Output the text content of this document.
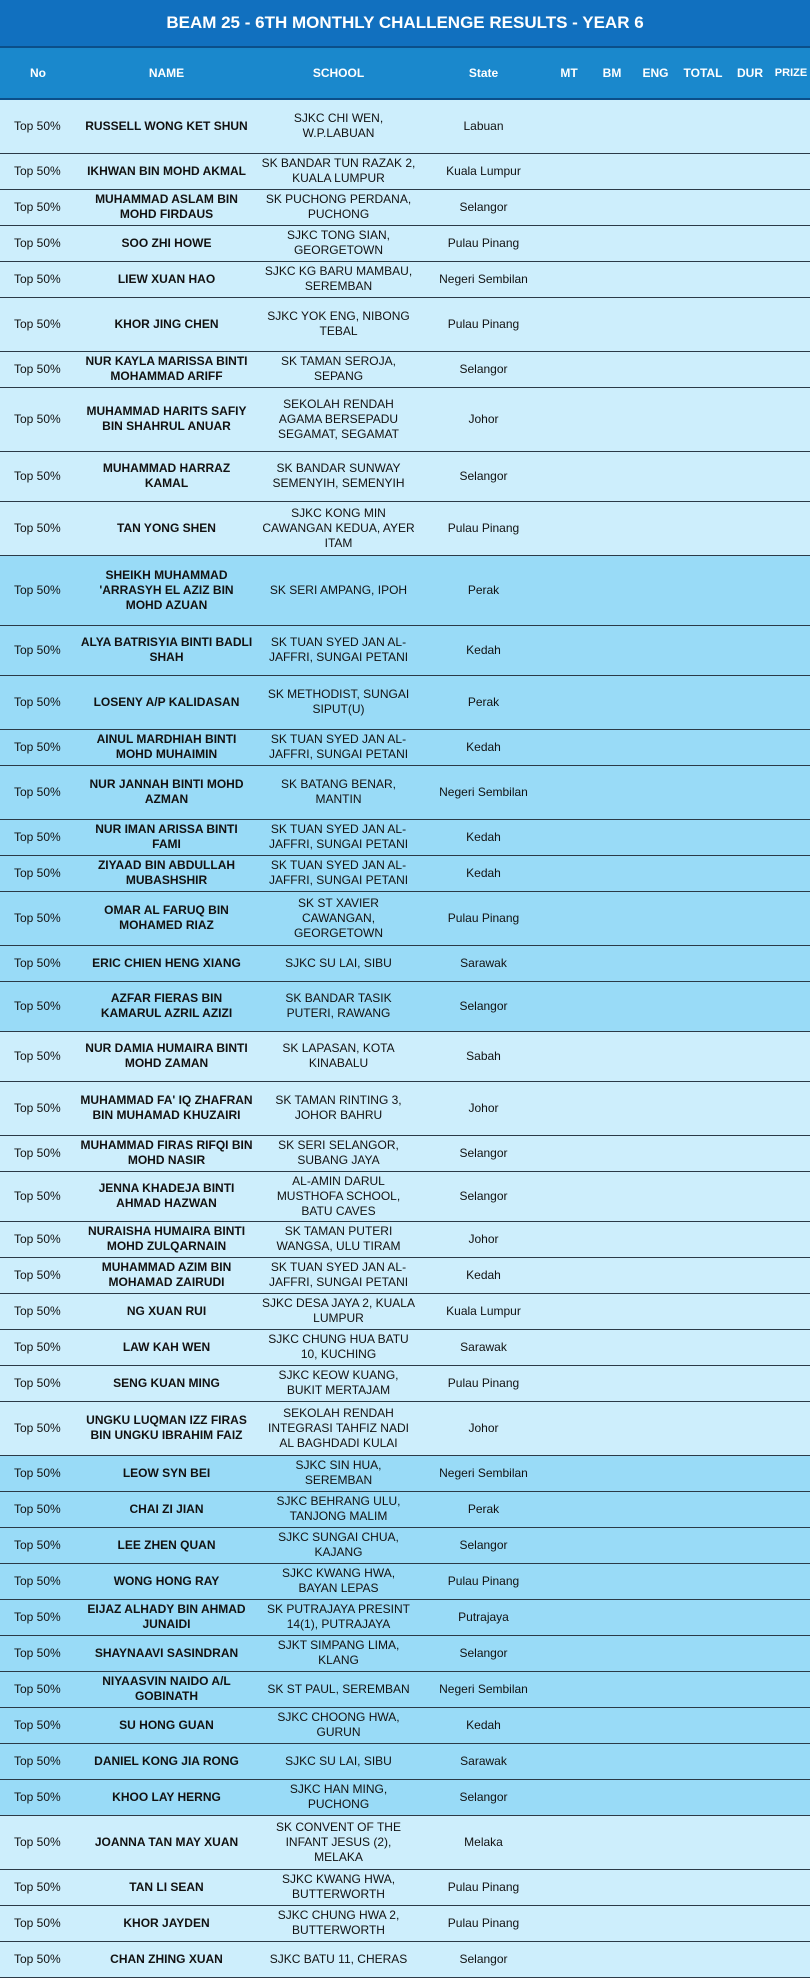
BEAM 25 - 6TH MONTHLY CHALLENGE RESULTS - YEAR 6
No	NAME	SCHOOL	State	MT	BM	ENG	TOTAL	DUR	PRIZE
Top 50%	RUSSELL WONG KET SHUN	SJKC CHI WEN, W.P.LABUAN	Labuan						
Top 50%	IKHWAN BIN MOHD AKMAL	SK BANDAR TUN RAZAK 2, KUALA LUMPUR	Kuala Lumpur						
Top 50%	MUHAMMAD ASLAM BIN MOHD FIRDAUS	SK PUCHONG PERDANA, PUCHONG	Selangor						
Top 50%	SOO ZHI HOWE	SJKC TONG SIAN, GEORGETOWN	Pulau Pinang						
Top 50%	LIEW XUAN HAO	SJKC KG BARU MAMBAU, SEREMBAN	Negeri Sembilan						
Top 50%	KHOR JING CHEN	SJKC YOK ENG, NIBONG TEBAL	Pulau Pinang						
Top 50%	NUR KAYLA MARISSA BINTI MOHAMMAD ARIFF	SK TAMAN SEROJA, SEPANG	Selangor						
Top 50%	MUHAMMAD HARITS SAFIY BIN SHAHRUL ANUAR	SEKOLAH RENDAH AGAMA BERSEPADU SEGAMAT, SEGAMAT	Johor						
Top 50%	MUHAMMAD HARRAZ KAMAL	SK BANDAR SUNWAY SEMENYIH, SEMENYIH	Selangor						
Top 50%	TAN YONG SHEN	SJKC KONG MIN CAWANGAN KEDUA, AYER ITAM	Pulau Pinang						
Top 50%	SHEIKH MUHAMMAD 'ARRASYH EL AZIZ BIN MOHD AZUAN	SK SERI AMPANG, IPOH	Perak						
Top 50%	ALYA BATRISYIA BINTI BADLI SHAH	SK TUAN SYED JAN AL-JAFFRI, SUNGAI PETANI	Kedah						
Top 50%	LOSENY A/P KALIDASAN	SK METHODIST, SUNGAI SIPUT(U)	Perak						
Top 50%	AINUL MARDHIAH BINTI MOHD MUHAIMIN	SK TUAN SYED JAN AL-JAFFRI, SUNGAI PETANI	Kedah						
Top 50%	NUR JANNAH BINTI MOHD AZMAN	SK BATANG BENAR, MANTIN	Negeri Sembilan						
Top 50%	NUR IMAN ARISSA BINTI FAMI	SK TUAN SYED JAN AL-JAFFRI, SUNGAI PETANI	Kedah						
Top 50%	ZIYAAD BIN ABDULLAH MUBASHSHIR	SK TUAN SYED JAN AL-JAFFRI, SUNGAI PETANI	Kedah						
Top 50%	OMAR AL FARUQ BIN MOHAMED RIAZ	SK ST XAVIER CAWANGAN, GEORGETOWN	Pulau Pinang						
Top 50%	ERIC CHIEN HENG XIANG	SJKC SU LAI, SIBU	Sarawak						
Top 50%	AZFAR FIERAS BIN KAMARUL AZRIL AZIZI	SK BANDAR TASIK PUTERI, RAWANG	Selangor						
Top 50%	NUR DAMIA HUMAIRA BINTI MOHD ZAMAN	SK LAPASAN, KOTA KINABALU	Sabah						
Top 50%	MUHAMMAD FA' IQ ZHAFRAN BIN MUHAMAD KHUZAIRI	SK TAMAN RINTING 3, JOHOR BAHRU	Johor						
Top 50%	MUHAMMAD FIRAS RIFQI BIN MOHD NASIR	SK SERI SELANGOR, SUBANG JAYA	Selangor						
Top 50%	JENNA KHADEJA BINTI AHMAD HAZWAN	AL-AMIN DARUL MUSTHOFA SCHOOL, BATU CAVES	Selangor						
Top 50%	NURAISHA HUMAIRA BINTI MOHD ZULQARNAIN	SK TAMAN PUTERI WANGSA, ULU TIRAM	Johor						
Top 50%	MUHAMMAD AZIM BIN MOHAMAD ZAIRUDI	SK TUAN SYED JAN AL-JAFFRI, SUNGAI PETANI	Kedah						
Top 50%	NG XUAN RUI	SJKC DESA JAYA 2, KUALA LUMPUR	Kuala Lumpur						
Top 50%	LAW KAH WEN	SJKC CHUNG HUA BATU 10, KUCHING	Sarawak						
Top 50%	SENG KUAN MING	SJKC KEOW KUANG, BUKIT MERTAJAM	Pulau Pinang						
Top 50%	UNGKU LUQMAN IZZ FIRAS BIN UNGKU IBRAHIM FAIZ	SEKOLAH RENDAH INTEGRASI TAHFIZ NADI AL BAGHDADI KULAI	Johor						
Top 50%	LEOW SYN BEI	SJKC SIN HUA, SEREMBAN	Negeri Sembilan						
Top 50%	CHAI ZI JIAN	SJKC BEHRANG ULU, TANJONG MALIM	Perak						
Top 50%	LEE ZHEN QUAN	SJKC SUNGAI CHUA, KAJANG	Selangor						
Top 50%	WONG HONG RAY	SJKC KWANG HWA, BAYAN LEPAS	Pulau Pinang						
Top 50%	EIJAZ ALHADY BIN AHMAD JUNAIDI	SK PUTRAJAYA PRESINT 14(1), PUTRAJAYA	Putrajaya						
Top 50%	SHAYNAAVI SASINDRAN	SJKT SIMPANG LIMA, KLANG	Selangor						
Top 50%	NIYAASVIN NAIDO A/L GOBINATH	SK ST PAUL, SEREMBAN	Negeri Sembilan						
Top 50%	SU HONG GUAN	SJKC CHOONG HWA, GURUN	Kedah						
Top 50%	DANIEL KONG JIA RONG	SJKC SU LAI, SIBU	Sarawak						
Top 50%	KHOO LAY HERNG	SJKC HAN MING, PUCHONG	Selangor						
Top 50%	JOANNA TAN MAY XUAN	SK CONVENT OF THE INFANT JESUS (2), MELAKA	Melaka						
Top 50%	TAN LI SEAN	SJKC KWANG HWA, BUTTERWORTH	Pulau Pinang						
Top 50%	KHOR JAYDEN	SJKC CHUNG HWA 2, BUTTERWORTH	Pulau Pinang						
Top 50%	CHAN ZHING XUAN	SJKC BATU 11, CHERAS	Selangor						
